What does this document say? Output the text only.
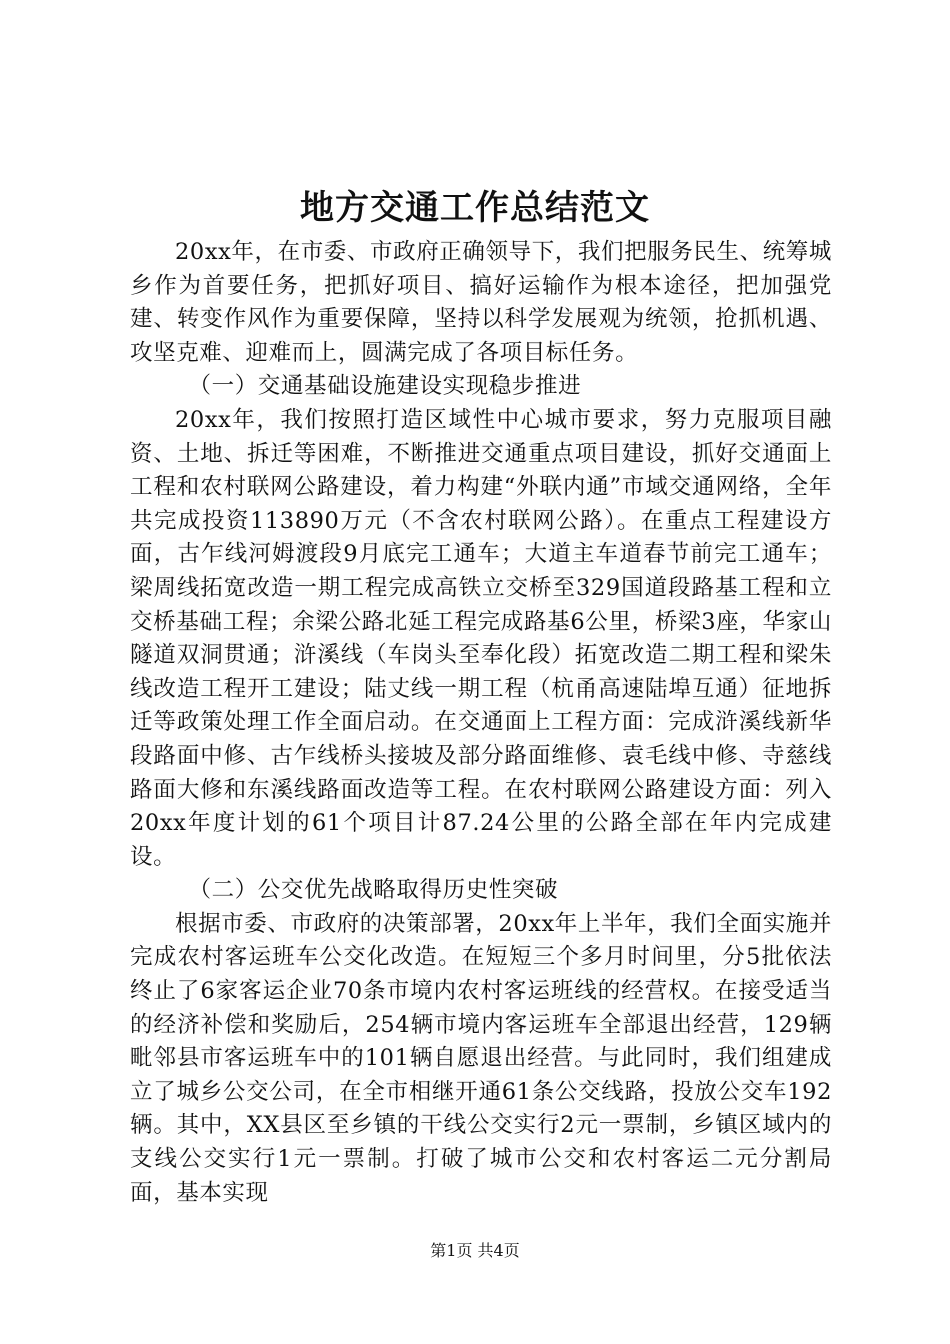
地方交通工作总结范文

20xx年，在市委、市政府正确领导下，我们把服务民生、统筹城乡作为首要任务，把抓好项目、搞好运输作为根本途径，把加强党建、转变作风作为重要保障，坚持以科学发展观为统领，抢抓机遇、攻坚克难、迎难而上，圆满完成了各项目标任务。

（一）交通基础设施建设实现稳步推进

20xx年，我们按照打造区域性中心城市要求，努力克服项目融资、土地、拆迁等困难，不断推进交通重点项目建设，抓好交通面上工程和农村联网公路建设，着力构建“外联内通”市域交通网络，全年共完成投资113890万元（不含农村联网公路）。在重点工程建设方面，古乍线河姆渡段9月底完工通车；大道主车道春节前完工通车；梁周线拓宽改造一期工程完成高铁立交桥至329国道段路基工程和立交桥基础工程；余梁公路北延工程完成路基6公里，桥梁3座，华家山隧道双洞贯通；浒溪线（车岗头至奉化段）拓宽改造二期工程和梁朱线改造工程开工建设；陆丈线一期工程（杭甬高速陆埠互通）征地拆迁等政策处理工作全面启动。在交通面上工程方面：完成浒溪线新华段路面中修、古乍线桥头接坡及部分路面维修、袁毛线中修、寺慈线路面大修和东溪线路面改造等工程。在农村联网公路建设方面：列入20xx年度计划的61个项目计87.24公里的公路全部在年内完成建设。

（二）公交优先战略取得历史性突破

根据市委、市政府的决策部署，20xx年上半年，我们全面实施并完成农村客运班车公交化改造。在短短三个多月时间里，分5批依法终止了6家客运企业70条市境内农村客运班线的经营权。在接受适当的经济补偿和奖励后，254辆市境内客运班车全部退出经营，129辆毗邻县市客运班车中的101辆自愿退出经营。与此同时，我们组建成立了城乡公交公司，在全市相继开通61条公交线路，投放公交车192辆。其中，XX县区至乡镇的干线公交实行2元一票制，乡镇区域内的支线公交实行1元一票制。打破了城市公交和农村客运二元分割局面，基本实现

第1页 共4页
